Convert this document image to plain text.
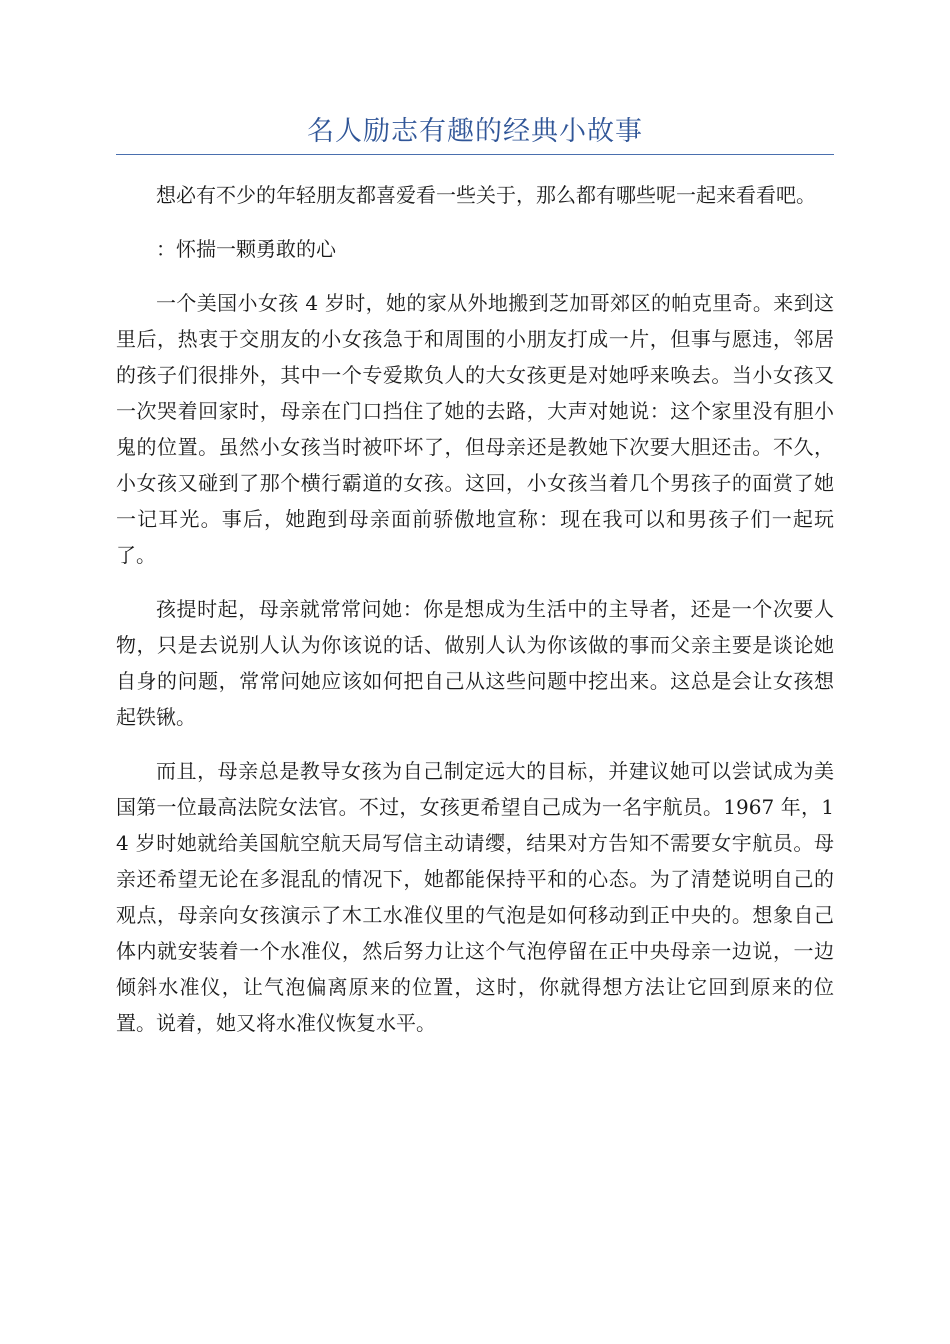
名人励志有趣的经典小故事

想必有不少的年轻朋友都喜爱看一些关于，那么都有哪些呢一起来看看吧。

：怀揣一颗勇敢的心

一个美国小女孩 4 岁时，她的家从外地搬到芝加哥郊区的帕克里奇。来到这里后，热衷于交朋友的小女孩急于和周围的小朋友打成一片，但事与愿违，邻居的孩子们很排外，其中一个专爱欺负人的大女孩更是对她呼来唤去。当小女孩又一次哭着回家时，母亲在门口挡住了她的去路，大声对她说：这个家里没有胆小鬼的位置。虽然小女孩当时被吓坏了，但母亲还是教她下次要大胆还击。不久，小女孩又碰到了那个横行霸道的女孩。这回，小女孩当着几个男孩子的面赏了她一记耳光。事后，她跑到母亲面前骄傲地宣称：现在我可以和男孩子们一起玩了。

孩提时起，母亲就常常问她：你是想成为生活中的主导者，还是一个次要人物，只是去说别人认为你该说的话、做别人认为你该做的事而父亲主要是谈论她自身的问题，常常问她应该如何把自己从这些问题中挖出来。这总是会让女孩想起铁锹。

而且，母亲总是教导女孩为自己制定远大的目标，并建议她可以尝试成为美国第一位最高法院女法官。不过，女孩更希望自己成为一名宇航员。1967 年，14 岁时她就给美国航空航天局写信主动请缨，结果对方告知不需要女宇航员。母亲还希望无论在多混乱的情况下，她都能保持平和的心态。为了清楚说明自己的观点，母亲向女孩演示了木工水准仪里的气泡是如何移动到正中央的。想象自己体内就安装着一个水准仪，然后努力让这个气泡停留在正中央母亲一边说，一边倾斜水准仪，让气泡偏离原来的位置，这时，你就得想方法让它回到原来的位置。说着，她又将水准仪恢复水平。
